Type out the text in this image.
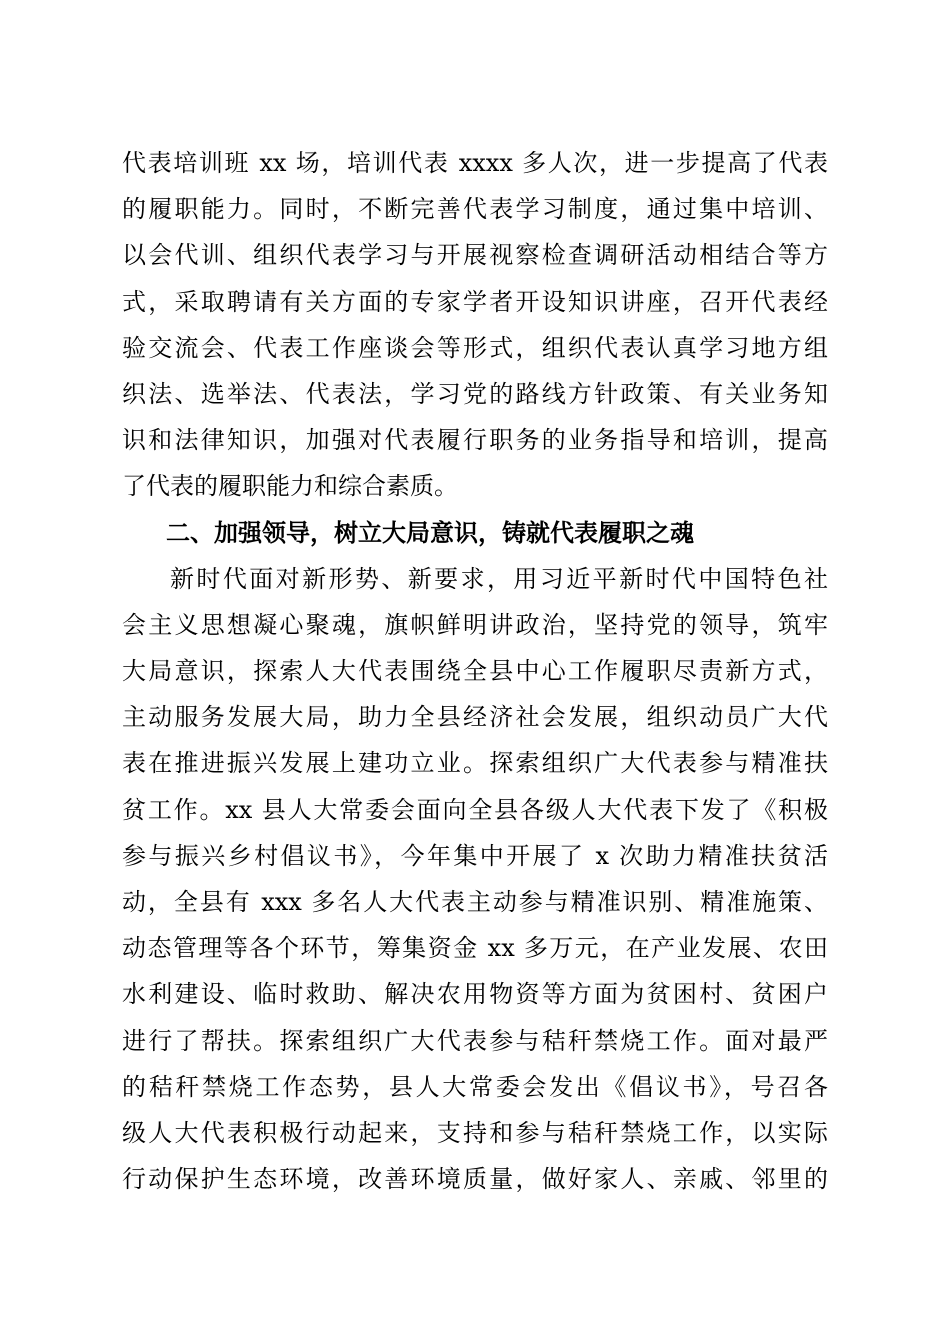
代表培训班 xx 场，培训代表 xxxx 多人次，进一步提高了代表
的履职能力。同时，不断完善代表学习制度，通过集中培训、
以会代训、组织代表学习与开展视察检查调研活动相结合等方
式，采取聘请有关方面的专家学者开设知识讲座，召开代表经
验交流会、代表工作座谈会等形式，组织代表认真学习地方组
织法、选举法、代表法，学习党的路线方针政策、有关业务知
识和法律知识，加强对代表履行职务的业务指导和培训，提高
了代表的履职能力和综合素质。
二、加强领导，树立大局意识，铸就代表履职之魂
新时代面对新形势、新要求，用习近平新时代中国特色社
会主义思想凝心聚魂，旗帜鲜明讲政治，坚持党的领导，筑牢
大局意识，探索人大代表围绕全县中心工作履职尽责新方式，
主动服务发展大局，助力全县经济社会发展，组织动员广大代
表在推进振兴发展上建功立业。探索组织广大代表参与精准扶
贫工作。xx 县人大常委会面向全县各级人大代表下发了《积极
参与振兴乡村倡议书》，今年集中开展了 x 次助力精准扶贫活
动，全县有 xxx 多名人大代表主动参与精准识别、精准施策、
动态管理等各个环节，筹集资金 xx 多万元，在产业发展、农田
水利建设、临时救助、解决农用物资等方面为贫困村、贫困户
进行了帮扶。探索组织广大代表参与秸秆禁烧工作。面对最严
的秸秆禁烧工作态势，县人大常委会发出《倡议书》，号召各
级人大代表积极行动起来，支持和参与秸秆禁烧工作，以实际
行动保护生态环境，改善环境质量，做好家人、亲戚、邻里的
